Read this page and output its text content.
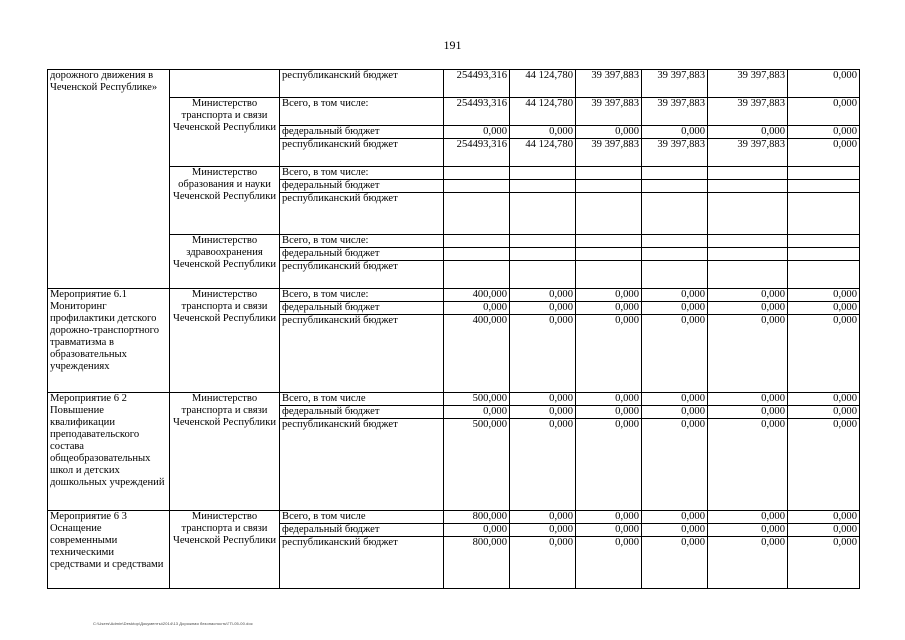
191
дорожного движения в Чеченской Республике»		республиканский бюджет	254493,316	44 124,780	39 397,883	39 397,883	39 397,883	0,000
	Министерство транспорта и связи Чеченской Республики	Всего, в том числе:	254493,316	44 124,780	39 397,883	39 397,883	39 397,883	0,000
		федеральный бюджет	0,000	0,000	0,000	0,000	0,000	0,000
		республиканский бюджет	254493,316	44 124,780	39 397,883	39 397,883	39 397,883	0,000
	Министерство образования и науки Чеченской Республики	Всего, в том числе:						
		федеральный бюджет						
		республиканский бюджет						
	Министерство здравоохранения Чеченской Республики	Всего, в том числе:						
		федеральный бюджет						
		республиканский бюджет						
Мероприятие 6.1 Мониторинг профилактики детского дорожно-транспортного травматизма в образовательных учреждениях	Министерство транспорта и связи Чеченской Республики	Всего, в том числе:	400,000	0,000	0,000	0,000	0,000	0,000
		федеральный бюджет	0,000	0,000	0,000	0,000	0,000	0,000
		республиканский бюджет	400,000	0,000	0,000	0,000	0,000	0,000
Мероприятие 6 2 Повышение квалификации преподавательского состава общеобразовательных школ и детских дошкольных учреждений	Министерство транспорта и связи Чеченской Республики	Всего, в том числе	500,000	0,000	0,000	0,000	0,000	0,000
		федеральный бюджет	0,000	0,000	0,000	0,000	0,000	0,000
		республиканский бюджет	500,000	0,000	0,000	0,000	0,000	0,000
Мероприятие 6 3 Оснащение современными техническими средствами и средствами	Министерство транспорта и связи Чеченской Республики	Всего, в том числе	800,000	0,000	0,000	0,000	0,000	0,000
		федеральный бюджет	0,000	0,000	0,000	0,000	0,000	0,000
		республиканский бюджет	800,000	0,000	0,000	0,000	0,000	0,000
C:\Users\Admin\Desktop\Документы\2014\13 Дорожная безопасность\ГП-05-00.doc
